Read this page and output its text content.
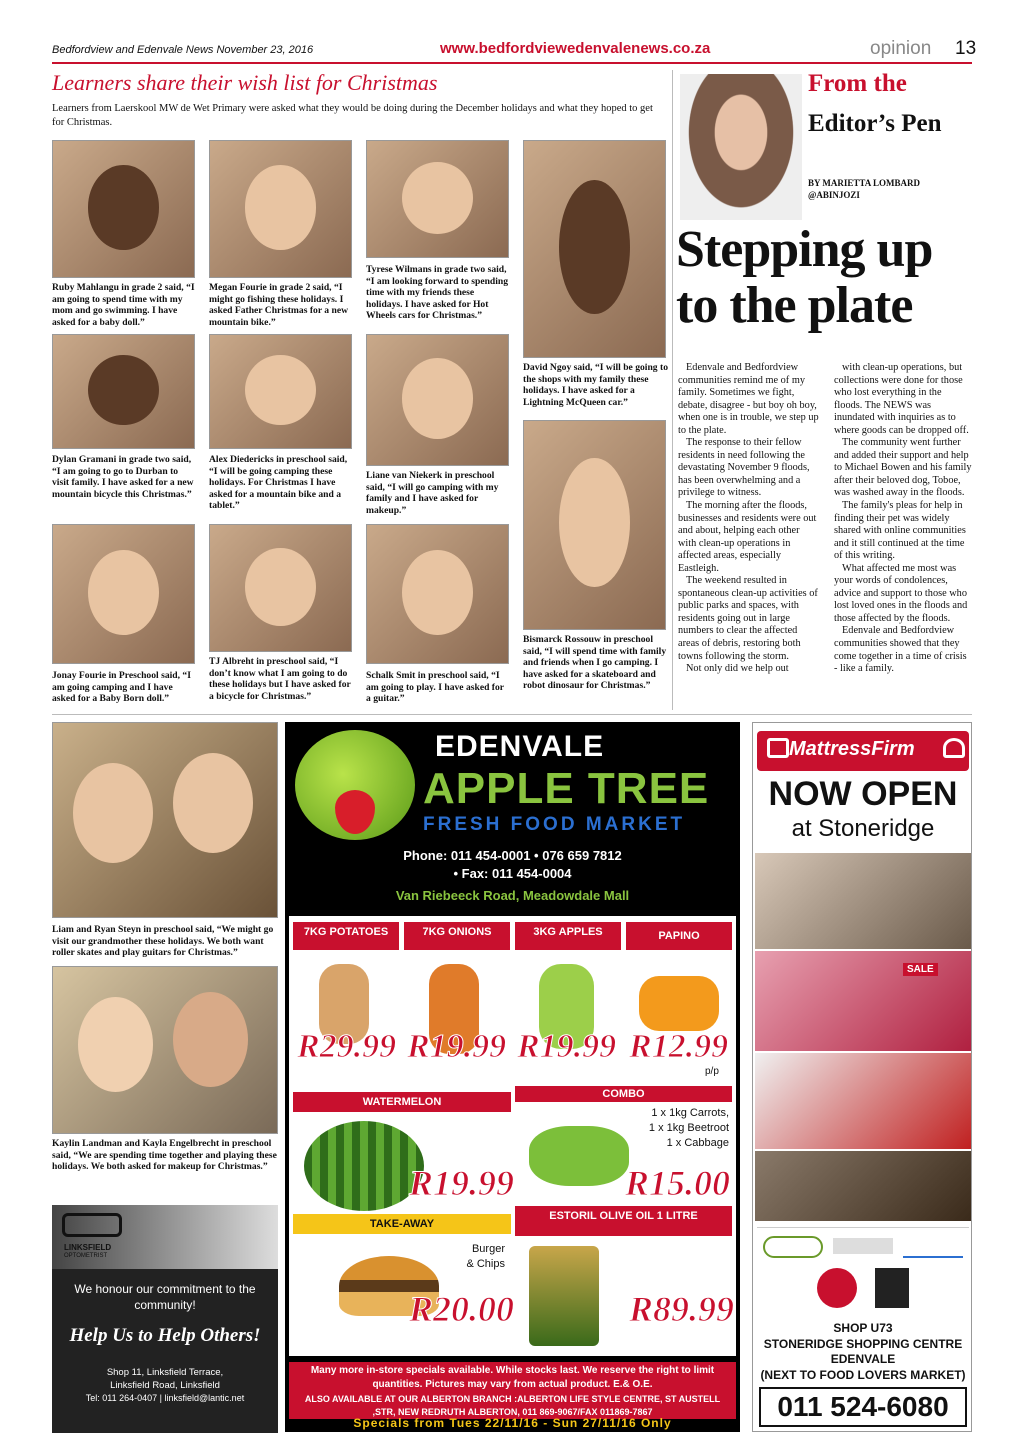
Bedfordview and Edenvale News November 23, 2016	www.bedfordviewedenvalenews.co.za	opinion 13
Learners share their wish list for Christmas
Learners from Laerskool MW de Wet Primary were asked what they would be doing during the December holidays and what they hoped to get for Christmas.
Ruby Mahlangu in grade 2 said, “I am going to spend time with my mom and go swimming. I have asked for a baby doll.”
Megan Fourie in grade 2 said, “I might go fishing these holidays. I asked Father Christmas for a new mountain bike.”
Tyrese Wilmans in grade two said, “I am looking forward to spending time with my friends these holidays. I have asked for Hot Wheels cars for Christmas.”
David Ngoy said, “I will be going to the shops with my family these holidays. I have asked for a Lightning McQueen car.”
Dylan Gramani in grade two said, “I am going to go to Durban to visit family. I have asked for a new mountain bicycle this Christmas.”
Alex Diedericks in preschool said, “I will be going camping these holidays. For Christmas I have asked for a mountain bike and a tablet.”
Liane van Niekerk in preschool said, “I will go camping with my family and I have asked for makeup.”
Bismarck Rossouw in preschool said, “I will spend time with family and friends when I go camping. I have asked for a skateboard and robot dinosaur for Christmas.”
Jonay Fourie in Preschool said, “I am going camping and I have asked for a Baby Born doll.”
TJ Albreht in preschool said, “I don’t know what I am going to do these holidays but I have asked for a bicycle for Christmas.”
Schalk Smit in preschool said, “I am going to play. I have asked for a guitar.”
From the
Editor’s Pen
BY MARIETTA LOMBARD
@ABINJOZI
Stepping up to the plate

Edenvale and Bedfordview communities remind me of my family. Sometimes we fight, debate, disagree - but boy oh boy, when one is in trouble, we step up to the plate.

The response to their fellow residents in need following the devastating November 9 floods, has been overwhelming and a privilege to witness.

The morning after the floods, businesses and residents were out and about, helping each other with clean-up operations in affected areas, especially Eastleigh.

The weekend resulted in spontaneous clean-up activities of public parks and spaces, with residents going out in large numbers to clear the affected areas of debris, restoring both towns following the storm.

Not only did we help out

with clean-up operations, but collections were done for those who lost everything in the floods. The NEWS was inundated with inquiries as to where goods can be dropped off.

The community went further and added their support and help to Michael Bowen and his family after their beloved dog, Toboe, was washed away in the floods.

The family's pleas for help in finding their pet was widely shared with online communities and it still continued at the time of this writing.

What affected me most was your words of condolences, advice and support to those who lost loved ones in the floods and those affected by the floods.

Edenvale and Bedfordview communities showed that they come together in a time of crisis - like a family.

Liam and Ryan Steyn in preschool said, “We might go visit our grandmother these holidays. We both want roller skates and play guitars for Christmas.”
Kaylin Landman and Kayla Engelbrecht in preschool said, “We are spending time together and playing these holidays. We both asked for makeup for Christmas.”
LINKSFIELD
OPTOMETRIST
We honour our commitment to the community!
Help Us to Help Others!
Shop 11, Linksfield Terrace,
Linksfield Road, Linksfield
Tel: 011 264-0407 | linksfield@lantic.net
EDENVALE
APPLE TREE
FRESH FOOD MARKET
Phone: 011 454-0001 • 076 659 7812
• Fax: 011 454-0004
Van Riebeeck Road, Meadowdale Mall
7KG POTATOES	7KG ONIONS	3KG APPLES	PAPINO
R29.99 R19.99 R19.99 R12.99
p/p
WATERMELON
COMBO
R19.99
1 x 1kg Carrots,
1 x 1kg Beetroot
1 x Cabbage
R15.00
TAKE-AWAY
ESTORIL OLIVE OIL 1 LITRE
Burger
& Chips
R20.00	R89.99
Many more in-store specials available. While stocks last. We reserve the right to limit quantities. Pictures may vary from actual product. E.& O.E.
ALSO AVAILABLE AT OUR ALBERTON BRANCH :ALBERTON LIFE STYLE CENTRE, ST AUSTELL ,STR, NEW REDRUTH ALBERTON, 011 869-9067/FAX 011869-7867
Specials from Tues 22/11/16 - Sun 27/11/16 Only
MattressFirm
NOW OPEN
at Stoneridge
SALE
SHOP U73
STONERIDGE SHOPPING CENTRE
EDENVALE
(NEXT TO FOOD LOVERS MARKET)
011 524-6080
